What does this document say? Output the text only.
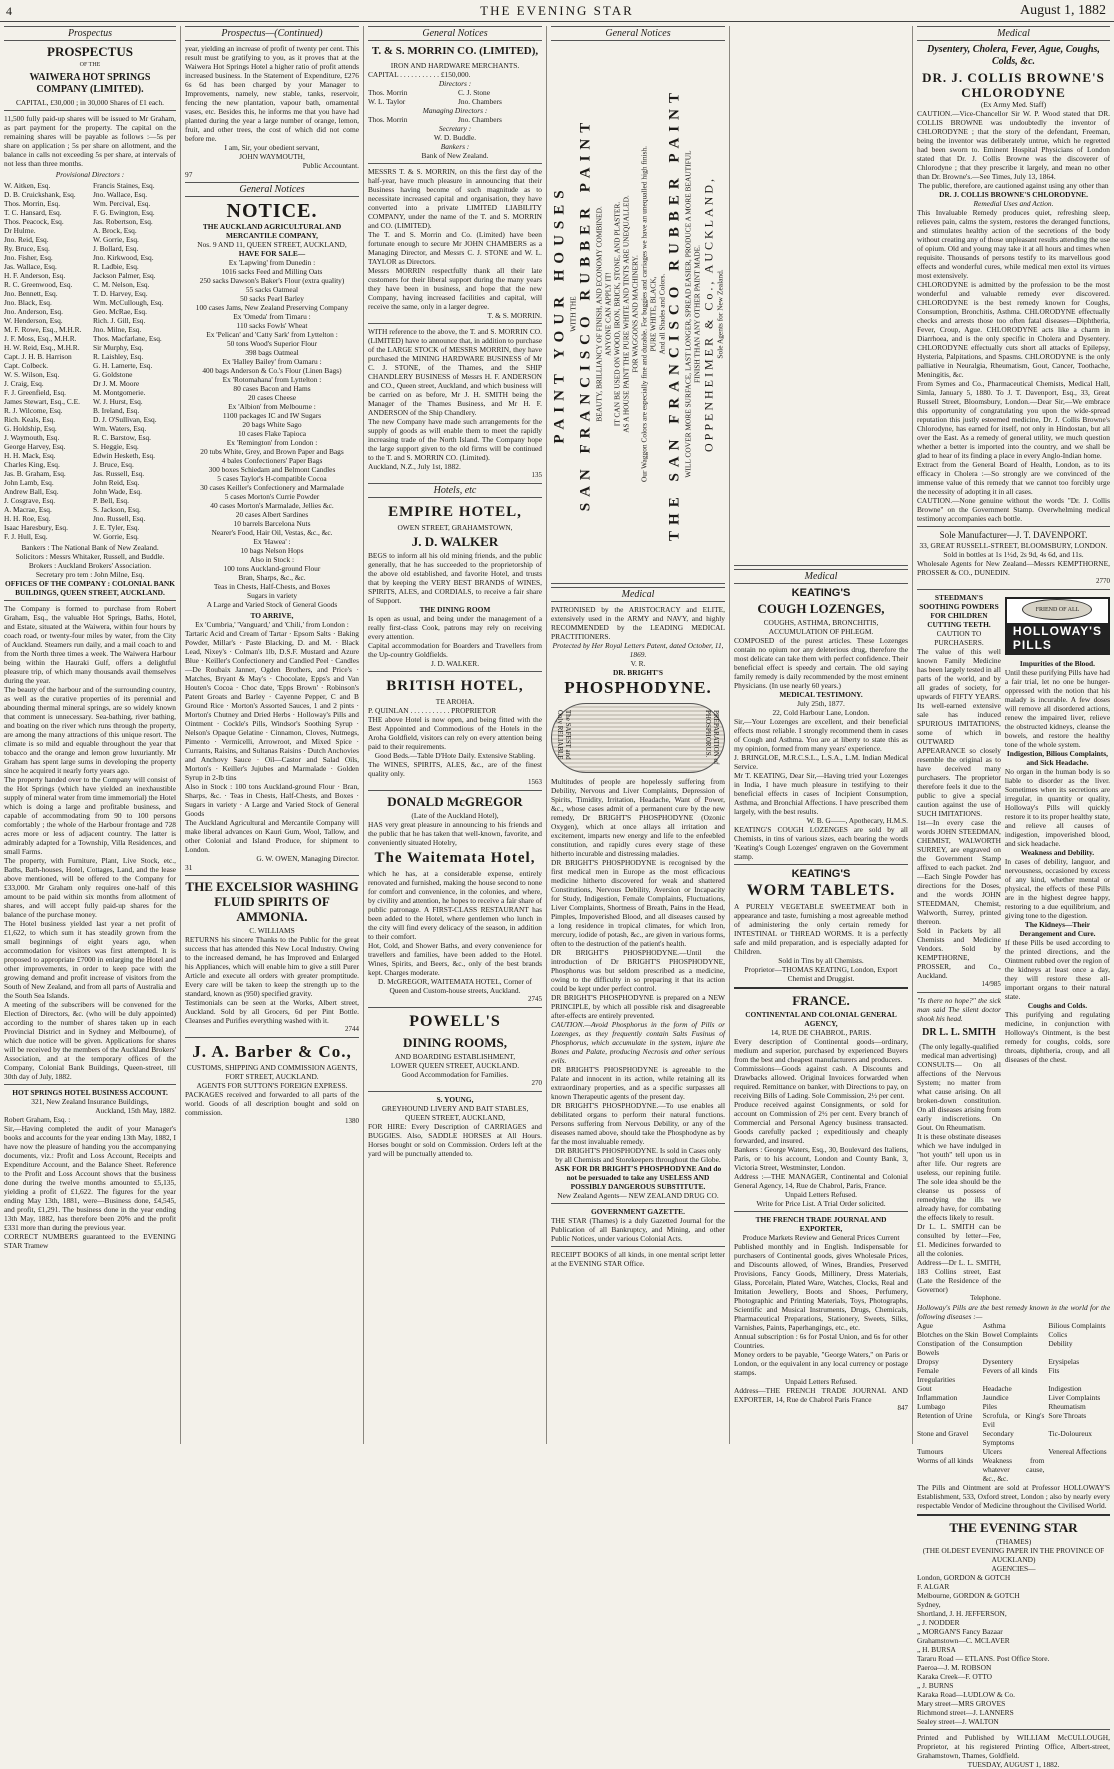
4	THE EVENING STAR	August 1, 1882
Prospectus
PROSPECTUS
OF THE
WAIWERA HOT SPRINGS COMPANY (LIMITED).

CAPITAL, £30,000 ; in 30,000 Shares of £1 each.

11,500 fully paid-up shares will be issued to Mr Graham, as part payment for the property. The capital on the remaining shares will be payable as follows :—5s per share on application ; 5s per share on allotment, and the balance in calls not exceeding 5s per share, at intervals of not less than three months.

Provisional Directors :
W. Aitken, Esq.
D. B. Cruickshank, Esq.
Thos. Morrin, Esq.
T. C. Hansard, Esq.
Thos. Peacock, Esq.
Dr Hulme.
Jno. Reid, Esq.
Ry. Bruce, Esq.
Jno. Fisher, Esq.
Jas. Wallace, Esq.
H. F. Anderson, Esq.
R. C. Greenwood, Esq.
Jno. Bennett, Esq.
Jno. Black, Esq.
Jno. Anderson, Esq.
W. Henderson, Esq.
M. F. Rowe, Esq., M.H.R.
J. F. Moss, Esq., M.H.R.
H. W. Reid, Esq., M.H.R.
Capt. J. H. B. Harrison
Capt. Colbeck.
W. S. Wilson, Esq.
J. Craig, Esq.
F. J. Greenfield, Esq.
James Stewart, Esq., C.E.
R. J. Wilcome, Esq.
Rich. Keals, Esq.
G. Holdship, Esq.
J. Waymouth, Esq.
George Harvey, Esq.
H. H. Mack, Esq.
Charles King, Esq.
Jas. B. Graham, Esq.
John Lamb, Esq.
Andrew Ball, Esq.
J. Cosgrave, Esq.
A. Macrae, Esq.
H. H. Roe, Esq.
Isaac Haresbury, Esq.
F. J. Hull, Esq.
Francis Staines, Esq.
Jno. Wallace, Esq.
Wm. Percival, Esq.
F. G. Ewington, Esq.
Jas. Robertson, Esq.
A. Brock, Esq.
W. Gorrie, Esq.
J. Bollard, Esq.
Jno. Kirkwood, Esq.
R. Ladbie, Esq.
Jackson Palmer, Esq.
C. M. Nelson, Esq.
T. D. Harvey, Esq.
Wm. McCullough, Esq.
Geo. McRae, Esq.
Rich. J. Gill, Esq.
Jno. Milne, Esq.
Thos. Macfarlane, Esq.
Sir Murphy, Esq.
R. Laishley, Esq.
G. H. Lamerte, Esq.
G. Goldstone
Dr J. M. Moore
M. Montgomerie.
W. J. Hurst, Esq.
B. Ireland, Esq.
D. J. O'Sullivan, Esq.
Wm. Waters, Esq.
R. C. Barstow, Esq.
S. Heggie, Esq.
Edwin Hesketh, Esq.
J. Bruce, Esq.
Jas. Russell, Esq.
John Reid, Esq.
John Wade, Esq.
P. Bell, Esq.
S. Jackson, Esq.
Jno. Russell, Esq.
J. E. Tyler, Esq.
W. Gorrie, Esq.

Bankers : The National Bank of New Zealand.

Solicitors : Messrs Whitaker, Russell, and Buddle.

Brokers : Auckland Brokers' Association.

Secretary pro tem : John Milne, Esq.

OFFICES OF THE COMPANY : COLONIAL BANK BUILDINGS, QUEEN STREET, AUCKLAND.

The Company is formed to purchase from Robert Graham, Esq., the valuable Hot Springs, Baths, Hotel, and Estate, situated at the Waiwera, within four hours by coach road, or twenty-four miles by water, from the City of Auckland. Steamers run daily, and a mail coach to and from the North three times a week. The Waiwera Harbour being within the Hauraki Gulf, offers a delightful pleasure trip, of which many thousands avail themselves during the year.

The beauty of the harbour and of the surrounding country, as well as the curative properties of its perennial and abounding thermal mineral springs, are so widely known that comment is unnecessary. Sea-bathing, river bathing, and boating on the river which runs through the property, are among the many attractions of this unique resort. The climate is so mild and equable throughout the year that tobacco and the orange and lemon grow luxuriantly. Mr Graham has spent large sums in developing the property since he acquired it nearly forty years ago.

The property handed over to the Company will consist of the Hot Springs (which have yielded an inexhaustible supply of mineral water from time immemorial) the Hotel which is doing a large and profitable business, and capable of accommodating from 90 to 100 persons comfortably ; the whole of the Harbour frontage and 728 acres more or less of adjacent country. The latter is admirably adapted for a Township, Villa Residences, and small Farms.

The property, with Furniture, Plant, Live Stock, etc., Baths, Bath-houses, Hotel, Cottages, Land, and the lease above mentioned, will be offered to the Company for £33,000. Mr Graham only requires one-half of this amount to be paid within six months from allotment of shares, and will accept fully paid-up shares for the balance of the purchase money.

The Hotel business yielded last year a net profit of £1,622, to which sum it has steadily grown from the small beginnings of eight years ago, when accommodation for visitors was first attempted. It is proposed to appropriate £7000 in enlarging the Hotel and other improvements, in order to keep pace with the growing demand and profit increase of visitors from the South of New Zealand, and from all parts of Australia and the South Sea Islands.

A meeting of the subscribers will be convened for the Election of Directors, &c. (who will be duly appointed) according to the number of shares taken up in each Provincial District and in Sydney and Melbourne), of which due notice will be given. Applications for shares will be received by the members of the Auckland Brokers' Association, and at the temporary offices of the Company, Colonial Bank Buildings, Queen-street, till 30th day of July, 1882.

HOT SPRINGS HOTEL BUSINESS ACCOUNT.

321, New Zealand Insurance Buildings,

Auckland, 15th May, 1882.

Robert Graham, Esq. :

Sir,—Having completed the audit of your Manager's books and accounts for the year ending 13th May, 1882, I have now the pleasure of handing you the accompanying documents, viz.: Profit and Loss Account, Receipts and Expenditure Account, and the Balance Sheet. Reference to the Profit and Loss Account shows that the business done during the twelve months amounted to £5,135, yielding a profit of £1,622. The figures for the year ending May 13th, 1881, were—Business done, £4,545, and profit, £1,291. The business done in the year ending 13th May, 1882, has therefore been 20% and the profit £331 more than during the previous year.

CORRECT NUMBERS guaranteed to the EVENING STAR Tramew

Prospectus—(Continued)

year, yielding an increase of profit of twenty per cent. This result must be gratifying to you, as it proves that at the Waiwera Hot Springs Hotel a higher ratio of profit attends increased business. In the Statement of Expenditure, £276 6s 6d has been charged by your Manager to Improvements, namely, new stable, tanks, reservoir, fencing the new plantation, vapour bath, ornamental vases, etc. Besides this, he informs me that you have had planted during the year a large number of orange, lemon, fruit, and other trees, the cost of which did not come before me.

I am, Sir, your obedient servant,

JOHN WAYMOUTH,

Public Accountant.

97

General Notices
NOTICE.

THE AUCKLAND AGRICULTURAL AND MERCANTILE COMPANY,

Nos. 9 AND 11, QUEEN STREET, AUCKLAND,

HAVE FOR SALE—

Ex 'Lapwing' from Dunedin :
1016 sacks Feed and Milling Oats
250 sacks Dawson's Baker's Flour (extra quality)
55 sacks Oatmeal
50 sacks Pearl Barley
100 cases Jams, New Zealand Preserving Company
Ex 'Omeda' from Timaru :
110 sacks Fowls' Wheat
Ex 'Pelican' and 'Catty Sark' from Lyttelton :
50 tons Wood's Superior Flour
398 bags Oatmeal
Ex 'Halley Bailey' from Oamaru :
400 bags Anderson & Co.'s Flour (Linen Bags)
Ex 'Rotomahana' from Lyttelton :
80 cases Bacon and Hams
20 cases Cheese
Ex 'Albion' from Melbourne :
1100 packages IC and IW Sugars
20 bags White Sago
10 cases Flake Tapioca
Ex 'Remington' from London :
20 tubs White, Grey, and Brown Paper and Bags
4 bales Confectioners' Paper Bags
300 boxes Schiedam and Belmont Candles
5 cases Taylor's H-compatible Cocoa
30 cases Keiller's Confectionery and Marmalade
5 cases Morton's Currie Powder
40 cases Morton's Marmalade, Jellies &c.
20 cases Albert Sardines
10 barrels Barcelona Nuts
Nearer's Food, Hair Oil, Vestas, &c., &c.
Ex 'Hawea' :
10 bags Nelson Hops
Also in Stock :
100 tons Auckland-ground Flour
Bran, Sharps, &c., &c.
Teas in Chests, Half-Chests, and Boxes
Sugars in variety
A Large and Varied Stock of General Goods

TO ARRIVE,

Ex 'Cumbria,' 'Vanguard,' and 'Chili,' from London :

Tartaric Acid and Cream of Tartar · Epsom Salts · Baking Powder, Millar's · Paste Blacking, D. and M. · Black Lead, Nixey's · Colman's 1lb, D.S.F. Mustard and Azure Blue · Keiller's Confectionery and Candied Peel · Candles—De Roubaix Janner, Ogden Brothers, and Price's · Matches, Bryant & May's · Chocolate, Epps's and Van Houten's Cocoa · Choc date, 'Epps Brown' · Robinson's Patent Groats and Barley · Cayenne Pepper, C and B Ground Rice · Morton's Assorted Sauces, 1 and 2 pints · Morton's Chutney and Dried Herbs · Holloway's Pills and Ointment · Cockle's Pills, Windsor's Soothing Syrup · Nelson's Opaque Gelatine · Cinnamon, Cloves, Nutmegs, Pimento · Vermicelli, Arrowroot, and Mixed Spice · Currants, Raisins, and Sultanas Raisins · Dutch Anchovies and Anchovy Sauce · Oil—Castor and Salad Oils, Morton's · Keiller's Jujubes and Marmalade · Golden Syrup in 2-lb tins

Also in Stock : 100 tons Auckland-ground Flour · Bran, Sharps, &c. · Teas in Chests, Half-Chests, and Boxes · Sugars in variety · A Large and Varied Stock of General Goods

The Auckland Agricultural and Mercantile Company will make liberal advances on Kauri Gum, Wool, Tallow, and other Colonial and Island Produce, for shipment to London.

G. W. OWEN, Managing Director.

31

THE EXCELSIOR WASHING FLUID SPIRITS OF AMMONIA.

C. WILLIAMS

RETURNS his sincere Thanks to the Public for the great success that has attended this New Local Industry. Owing to the increased demand, he has Improved and Enlarged his Appliances, which will enable him to give a still Purer Article and execute all orders with greater promptitude. Every care will be taken to keep the strength up to the standard, known as (950) specified gravity.

Testimonials can be seen at the Works, Albert street, Auckland. Sold by all Grocers, 6d per Pint Bottle. Cleanses and Purifies everything washed with it.

2744

J. A. Barber & Co.,

CUSTOMS, SHIPPING AND COMMISSION AGENTS, FORT STREET, AUCKLAND.

AGENTS FOR SUTTON'S FOREIGN EXPRESS.

PACKAGES received and forwarded to all parts of the world. Goods of all description bought and sold on commission.

1380

General Notices
T. & S. MORRIN CO. (LIMITED),

IRON AND HARDWARE MERCHANTS.

CAPITAL . . . . . . . . . . . £150,000.

Directors :

Thos. Morrin
W. L. Taylor
C. J. Stone
Jno. Chambers

Managing Directors :

Thos. Morrin	Jno. Chambers

Secretary :

W. D. Buddle.

Bankers :

Bank of New Zealand.

MESSRS T. & S. MORRIN, on this the first day of the half-year, have much pleasure in announcing that their Business having become of such magnitude as to necessitate increased capital and organisation, they have converted into a private LIMITED LIABILITY COMPANY, under the name of the T. and S. MORRIN and CO. (LIMITED).

The T. and S. Morrin and Co. (Limited) have been fortunate enough to secure Mr JOHN CHAMBERS as a Managing Director, and Messrs C. J. STONE and W. L. TAYLOR as Directors.

Messrs MORRIN respectfully thank all their late customers for their liberal support during the many years they have been in business, and hope that the new Company, having increased facilities and capital, will receive the same, only in a larger degree.

T. & S. MORRIN.

WITH reference to the above, the T. and S. MORRIN CO. (LIMITED) have to announce that, in addition to purchase of the LARGE STOCK of MESSRS MORRIN, they have purchased the MINING HARDWARE BUSINESS of Mr C. J. STONE, of the Thames, and the SHIP CHANDLERY BUSINESS of Messrs H. F. ANDERSON and CO., Queen street, Auckland, and which business will be carried on as before, Mr J. H. SMITH being the Manager of the Thames Business, and Mr H. F. ANDERSON of the Ship Chandlery.

The new Company have made such arrangements for the supply of goods as will enable them to meet the rapidly increasing trade of the North Island. The Company hope the large support given to the old firms will be continued to the T. and S. MORRIN CO. (Limited).

Auckland, N.Z., July 1st, 1882.

135

Hotels, etc
EMPIRE HOTEL,

OWEN STREET, GRAHAMSTOWN,

J. D. WALKER

BEGS to inform all his old mining friends, and the public generally, that he has succeeded to the proprietorship of the above old established, and favorite Hotel, and trusts that by keeping the VERY BEST BRANDS of WINES, SPIRITS, ALES, and CORDIALS, to receive a fair share of Support.

THE DINING ROOM

Is open as usual, and being under the management of a really first-class Cook, patrons may rely on receiving every attention.

Capital accommodation for Boarders and Travellers from the Up-country Goldfields.

J. D. WALKER.

BRITISH HOTEL,

TE AROHA.

P. QUINLAN . . . . . . . . . . . PROPRIETOR

THE above Hotel is now open, and being fitted with the Best Appointed and Commodious of the Hotels in the Aroha Goldfield, visitors can rely on every attention being paid to their requirements.

Good Beds.—Table D'Hote Daily. Extensive Stabling.

The WINES, SPIRITS, ALES, &c., are of the finest quality only.

1563

DONALD McGREGOR

(Late of the Auckland Hotel),

HAS very great pleasure in announcing to his friends and the public that he has taken that well-known, favorite, and conveniently situated Hotelry,

The Waitemata Hotel,

which he has, at a considerable expense, entirely renovated and furnished, making the house second to none for comfort and convenience, in the colonies, and where, by civility and attention, he hopes to receive a fair share of public patronage. A FIRST-CLASS RESTAURANT has been added to the Hotel, where gentlemen who lunch in the city will find every delicacy of the season, in addition to their comfort.

Hot, Cold, and Shower Baths, and every convenience for travellers and families, have been added to the Hotel. Wines, Spirits, and Beers, &c., only of the best brands kept. Charges moderate.

D. McGREGOR, WAITEMATA HOTEL, Corner of Queen and Custom-house streets, Auckland.

2745

POWELL'S
DINING ROOMS,

AND BOARDING ESTABLISHMENT,

LOWER QUEEN STREET, AUCKLAND.

Good Accommodation for Families.

270

S. YOUNG,

GREYHOUND LIVERY AND BAIT STABLES,

QUEEN STREET, AUCKLAND,

FOR HIRE: Every Description of CARRIAGES and BUGGIES. Also, SADDLE HORSES at All Hours. Horses bought or sold on Commission. Orders left at the yard will be punctually attended to.

General Notices
PAINT YOUR HOUSES WITH THE SAN FRANCISCO RUBBER PAINT BEAUTY, BRILLIANCY OF FINISH, AND ECONOMY COMBINED. ANYONE CAN APPLY IT! IT CAN BE USED ON WOOD, IRON, BRICK, STONE, AND PLASTER. AS A HOUSE PAINT THE PURE WHITE AND TINTS ARE UNEQUALLED. FOR WAGGONS AND MACHINERY. Our Waggon Colors are especially fine and durable. For buggies and carriages we have an unequalled high finish. PURE WHITE, BLACK, And all Shades and Colors. THE SAN FRANCISCO RUBBER PAINT WILL COVER MORE SURFACE, LAST LONGER, SPREAD EASIER, PRODUCE A MORE BEAUTIFUL FINISH THAN ANY OTHER PAINT MADE. OPPENHEIMER & Co., AUCKLAND, Sole Agents for New Zealand.
Medical

PATRONISED by the ARISTOCRACY and ELITE, extensively used in the ARMY and NAVY, and highly RECOMMENDED by the LEADING MEDICAL PRACTITIONERS.

Protected by Her Royal Letters Patent, dated October, 11, 1869.

V. R.

DR. BRIGHT'S

PHOSPHODYNE.
The SAFEST and Only RELIABLE	PREPARATION of PHOSPHORUS.

Multitudes of people are hopelessly suffering from Debility, Nervous and Liver Complaints, Depression of Spirits, Timidity, Irritation, Headache, Want of Power, &c., whose cases admit of a permanent cure by the new remedy, Dr BRIGHT'S PHOSPHODYNE (Ozonic Oxygen), which at once allays all irritation and excitement, imparts new energy and life to the enfeebled constitution, and rapidly cures every stage of these hitherto incurable and distressing maladies.

DR BRIGHT'S PHOSPHODYNE is recognised by the first medical men in Europe as the most efficacious medicine hitherto discovered for weak and shattered Constitutions, Nervous Debility, Aversion or Incapacity for Study, Indigestion, Female Complaints, Fluctuations, Liver Complaints, Shortness of Breath, Pains in the Head, Pimples, Impoverished Blood, and all diseases caused by a long residence in tropical climates, for which Iron, mercury, iodide of potash, &c., are given in various forms, often to the destruction of the patient's health.

DR BRIGHT'S PHOSPHODYNE.—Until the introduction of Dr BRIGHT'S PHOSPHODYNE, Phosphorus was but seldom prescribed as a medicine, owing to the difficulty in so preparing it that its action could be kept under perfect control.

DR BRIGHT'S PHOSPHODYNE is prepared on a NEW PRINCIPLE, by which all possible risk and disagreeable after-effects are entirely prevented.

CAUTION.—Avoid Phosphorus in the form of Pills or Lozenges, as they frequently contain Salts Fusinus of Phosphorus, which accumulate in the system, injure the Bones and Palate, producing Necrosis and other serious evils.

DR BRIGHT'S PHOSPHODYNE is agreeable to the Palate and innocent in its action, while retaining all its extraordinary properties, and as a specific surpasses all known Therapeutic agents of the present day.

DR BRIGHT'S PHOSPHODYNE.—To use enables all debilitated organs to perform their natural functions. Persons suffering from Nervous Debility, or any of the diseases named above, should take the Phosphodyne as by far the most invaluable remedy.

DR BRIGHT'S PHOSPHODYNE. Is sold in Cases only by all Chemists and Storekeepers throughout the Globe.

ASK FOR DR BRIGHT'S PHOSPHODYNE And do not be persuaded to take any USELESS AND POSSIBLY DANGEROUS SUBSTITUTE.

New Zealand Agents— NEW ZEALAND DRUG CO.

GOVERNMENT GAZETTE.

THE STAR (Thames) is a duly Gazetted Journal for the Publication of all Bankruptcy, and Mining, and other Public Notices, under various Colonial Acts.

RECEIPT BOOKS of all kinds, in one mental script letter at the EVENING STAR Office.

Medical
KEATING'S
COUGH LOZENGES,

COUGHS, ASTHMA, BRONCHITIS, ACCUMULATION OF PHLEGM.

COMPOSED of the purest articles. These Lozenges contain no opium nor any deleterious drug, therefore the most delicate can take them with perfect confidence. Their beneficial effect is speedy and certain. The old saying family remedy is daily recommended by the most eminent Physicians. (In use nearly 60 years.)

MEDICAL TESTIMONY.

July 25th, 1877.

22, Cold Harbour Lane, London.

Sir,—Your Lozenges are excellent, and their beneficial effects most reliable. I strongly recommend them in cases of Cough and Asthma. You are at liberty to state this as my opinion, formed from many years' experience.

J. BRINGLOE, M.R.C.S.L., L.S.A., L.M. Indian Medical Service.

Mr T. KEATING, Dear Sir,—Having tried your Lozenges in India, I have much pleasure in testifying to their beneficial effects in cases of Incipient Consumption, Asthma, and Bronchial Affections. I have prescribed them largely, with the best results.

W. B. G——, Apothecary, H.M.S.

KEATING'S COUGH LOZENGES are sold by all Chemists, in tins of various sizes, each bearing the words 'Keating's Cough Lozenges' engraven on the Government stamp.

KEATING'S
WORM TABLETS.

A PURELY VEGETABLE SWEETMEAT both in appearance and taste, furnishing a most agreeable method of administering the only certain remedy for INTESTINAL or THREAD WORMS. It is a perfectly safe and mild preparation, and is especially adapted for Children.

Sold in Tins by all Chemists.

Proprietor—THOMAS KEATING, London, Export Chemist and Druggist.

FRANCE.

CONTINENTAL AND COLONIAL GENERAL AGENCY,

14, RUE DE CHABROL, PARIS.

Every description of Continental goods—ordinary, medium and superior, purchased by experienced Buyers from the best and cheapest manufacturers and producers.

Commissions—Goods against cash. A Discounts and Drawbacks allowed. Original Invoices forwarded when required. Remittance on banker, with Directions to pay, on receiving Bills of Lading. Sole Commission, 2½ per cent.

Produce received against Consignments, or sold for account on Commission of 2½ per cent. Every branch of Commercial and Personal Agency business transacted. Goods carefully packed ; expeditiously and cheaply forwarded, and insured.

Bankers : George Waters, Esq., 30, Boulevard des Italiens, Paris, or to his account, London and County Bank, 3, Victoria Street, Westminster, London.

Address :—THE MANAGER, Continental and Colonial General Agency, 14, Rue de Chabrol, Paris, France.

Unpaid Letters Refused.

Write for Price List. A Trial Order solicited.

THE FRENCH TRADE JOURNAL AND EXPORTER,

Produce Markets Review and General Prices Current

Published monthly and in English. Indispensable for purchasers of Continental goods, gives Wholesale Prices, and Discounts allowed, of Wines, Brandies, Preserved Provisions, Fancy Goods, Millinery, Dress Materials, Glass, Porcelain, Plated Ware, Watches, Clocks, Real and Imitation Jewellery, Boots and Shoes, Perfumery, Photographic and Printing Materials, Toys, Photographs, Scientific and Musical Instruments, Drugs, Chemicals, Pharmaceutical Preparations, Stationery, Sweets, Silks, Varnishes, Paints, Paperhangings, etc., etc.

Annual subscription : 6s for Postal Union, and 6s for other Countries.

Money orders to be payable, "George Waters," on Paris or London, or the equivalent in any local currency or postage stamps.

Unpaid Letters Refused.

Address—THE FRENCH TRADE JOURNAL AND EXPORTER, 14, Rue de Chabrol Paris France

847

Medical
Dysentery, Cholera, Fever, Ague, Coughs, Colds, &c.
DR. J. COLLIS BROWNE'S CHLORODYNE

(Ex Army Med. Staff)

CAUTION.—Vice-Chancellor Sir W. P. Wood stated that DR. COLLIS BROWNE was undoubtedly the inventor of CHLORODYNE ; that the story of the defendant, Freeman, being the inventor was deliberately untrue, which he regretted had been sworn to. Eminent Hospital Physicians of London stated that Dr. J. Collis Browne was the discoverer of Chlorodyne ; that they prescribe it largely, and mean no other than Dr. Browne's.—See Times, July 13, 1864.

The public, therefore, are cautioned against using any other than

DR. J. COLLIS BROWNE'S CHLORODYNE.

Remedial Uses and Action.

This Invaluable Remedy produces quiet, refreshing sleep, relieves pain, calms the system, restores the deranged functions, and stimulates healthy action of the secretions of the body without creating any of those unpleasant results attending the use of opium. Old and young may take it at all hours and times when requisite. Thousands of persons testify to its marvellous good effects and wonderful cures, while medical men extol its virtues most extensively.

CHLORODYNE is admitted by the profession to be the most wonderful and valuable remedy ever discovered. CHLORODYNE is the best remedy known for Coughs, Consumption, Bronchitis, Asthma. CHLORODYNE effectually checks and arrests those too often fatal diseases—Diphtheria, Fever, Croup, Ague. CHLORODYNE acts like a charm in Diarrhoea, and is the only specific in Cholera and Dysentery. CHLORODYNE effectually cuts short all attacks of Epilepsy, Hysteria, Palpitations, and Spasms. CHLORODYNE is the only palliative in Neuralgia, Rheumatism, Gout, Cancer, Toothache, Meningitis, &c.

From Symes and Co., Pharmaceutical Chemists, Medical Hall, Simla, January 5, 1880. To J. T. Davenport, Esq., 33, Great Russell Street, Bloomsbury, London.—Dear Sir,—We embrace this opportunity of congratulating you upon the wide-spread reputation this justly esteemed medicine, Dr. J. Collis Browne's Chlorodyne, has earned for itself, not only in Hindostan, but all over the East. As a remedy of general utility, we much question whether a better is imported into the country, and we shall be glad to hear of its finding a place in every Anglo-Indian home.

Extract from the General Board of Health, London, as to its efficacy in Cholera :—So strongly are we convinced of the immense value of this remedy that we cannot too forcibly urge the necessity of adopting it in all cases.

CAUTION.—None genuine without the words "Dr. J. Collis Browne" on the Government Stamp. Overwhelming medical testimony accompanies each bottle.

Sole Manufacturer—J. T. DAVENPORT.

33, GREAT RUSSELL-STREET, BLOOMSBURY, LONDON.

Sold in bottles at 1s 1½d, 2s 9d, 4s 6d, and 11s.

Wholesale Agents for New Zealand—Messrs KEMPTHORNE, PROSSER & CO., DUNEDIN.

2770

STEEDMAN'S SOOTHING POWDERS FOR CHILDREN CUTTING TEETH.

CAUTION TO PURCHASERS.

The value of this well known Family Medicine has been largely tested in all parts of the world, and by all grades of society, for upwards of FIFTY YEARS. Its well-earned extensive sale has induced SPURIOUS IMITATIONS, some of which in OUTWARD APPEARANCE so closely resemble the original as to have deceived many purchasers. The proprietor therefore feels it due to the public to give a special caution against the use of SUCH IMITATIONS.

1st—In every case the words JOHN STEEDMAN, CHEMIST, WALWORTH SURREY, are engraved on the Government Stamp affixed to each packet. 2nd—Each Single Powder has directions for the Doses, and the words JOHN STEEDMAN, Chemist, Walworth, Surrey, printed thereon.

Sold in Packets by all Chemists and Medicine Vendors. Sold by KEMPTHORNE, PROSSER, and Co., Auckland.

14/985

"Is there no hope?" the sick man said The silent doctor shook his head.

DR L. L. SMITH

(The only legally-qualified medical man advertising)

CONSULTS— On all affections of the Nervous System; no matter from what cause arising. On all broken-down constitution. On all diseases arising from early indiscretions. On Gout. On Rheumatism.

It is these obstinate diseases which we have indulged in "hot youth" tell upon us in after life. Our regrets are useless, our repining futile. The sole idea should be the cleanse us possess of remedying the ills we already have, for combating the effects likely to result.

Dr L. L. SMITH can be consulted by letter—Fee, £1. Medicines forwarded to all the colonies.

Address—Dr L. L. SMITH, 183 Collins street, East (Late the Residence of the Governor)

Telephone.

FRIEND OF ALL
HOLLOWAY'S PILLS

Impurities of the Blood.

Until these purifying Pills have had a fair trial, let no one be hunger-oppressed with the notion that his malady is incurable. A few doses will remove all disordered actions, renew the impaired liver, relieve the obstructed kidneys, cleanse the bowels, and restore the healthy tone of the whole system.

Indigestion, Bilious Complaints, and Sick Headache.

No organ in the human body is so liable to disorder as the liver. Sometimes when its secretions are irregular, in quantity or quality, Holloway's Pills will quickly restore it to its proper healthy state, and relieve all causes of indigestion, impoverished blood, and sick headache.

Weakness and Debility.

In cases of debility, languor, and nervousness, occasioned by excess of any kind, whether mental or physical, the effects of these Pills are in the highest degree happy, restoring to a due equilibrium, and giving tone to the digestion.

The Kidneys—Their Derangement and Cure.

If these Pills be used according to the printed directions, and the Ointment rubbed over the region of the kidneys at least once a day, they will restore these all-important organs to their natural state.

Coughs and Colds.

This purifying and regulating medicine, in conjunction with Holloway's Ointment, is the best remedy for coughs, colds, sore throats, diphtheria, croup, and all diseases of the chest.

Holloway's Pills are the best remedy known in the world for the following diseases :—

Ague	Asthma	Bilious Complaints
Blotches on the Skin Bowel Complaints	Colics
Constipation of the Bowels
Consumption	Debility
Dropsy	Dysentery	Erysipelas
Female Irregularities
Fevers of all kinds	Fits
Gout	Headache	Indigestion
Inflammation	Jaundice	Liver Complaints
Lumbago	Piles	Rheumatism
Retention of Urine	Scrofula, or King's Evil
Sore Throats
Stone and Gravel	Secondary Symptoms
Tic-Doloureux
Tumours	Ulcers	Venereal Affections
Worms of all kinds	Weakness from whatever cause, &c., &c.

The Pills and Ointment are sold at Professor HOLLOWAY'S Establishment, 533, Oxford street, London ; also by nearly every respectable Vendor of Medicine throughout the Civilised World.

THE EVENING STAR

(THAMES)

(THE OLDEST EVENING PAPER IN THE PROVINCE OF AUCKLAND)

AGENCIES—

London, GORDON & GOTCH
F. ALGAR
Melbourne, GORDON & GOTCH
Sydney,
Shortland, J. H. JEFFERSON,
„ J. NODDER
„ MORGAN'S Fancy Bazaar
Grahamstown—C. MCLAVER
„ H. BURSA
Tararu Road — ETLANS. Post Office Store.
Paeroa—J. M. ROBSON
Karaka Creek—F. OTTO
„ J. BURNS
Karaka Road—LUDLOW & Co.
Mary street—MRS GROVES
Richmond street—J. LANNERS
Sealey street—J. WALTON

Printed and Published by WILLIAM McCULLOUGH, Proprietor, at his registered Printing Office, Albert-street, Grahamstown, Thames, Goldfield.

TUESDAY, AUGUST 1, 1882.
